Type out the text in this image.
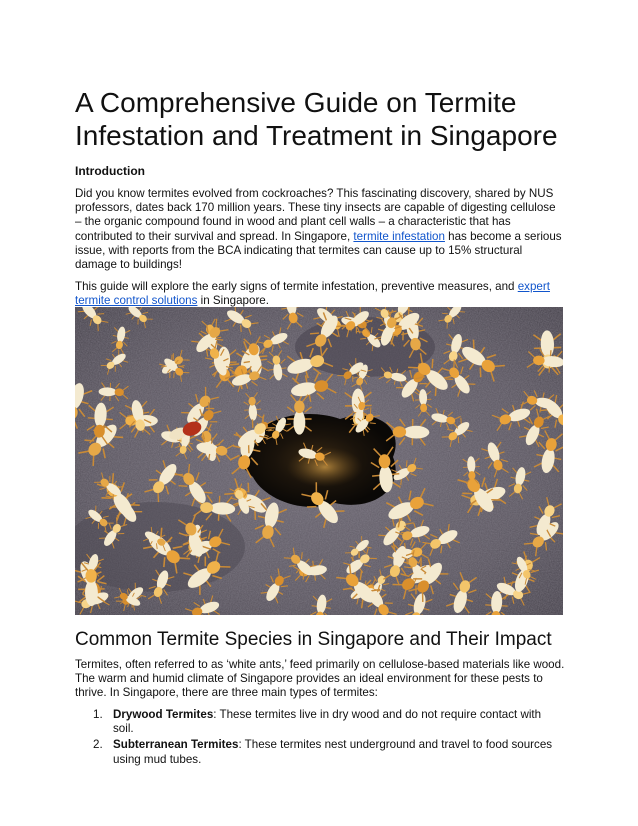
A Comprehensive Guide on Termite Infestation and Treatment in Singapore

Introduction

Did you know termites evolved from cockroaches? This fascinating discovery, shared by NUS professors, dates back 170 million years. These tiny insects are capable of digesting cellulose – the organic compound found in wood and plant cell walls – a characteristic that has contributed to their survival and spread. In Singapore, termite infestation has become a serious issue, with reports from the BCA indicating that termites can cause up to 15% structural damage to buildings!

This guide will explore the early signs of termite infestation, preventive measures, and expert termite control solutions in Singapore.

Common Termite Species in Singapore and Their Impact

Termites, often referred to as ‘white ants,’ feed primarily on cellulose-based materials like wood. The warm and humid climate of Singapore provides an ideal environment for these pests to thrive. In Singapore, there are three main types of termites:

1. Drywood Termites: These termites live in dry wood and do not require contact with soil.
2. Subterranean Termites: These termites nest underground and travel to food sources using mud tubes.
